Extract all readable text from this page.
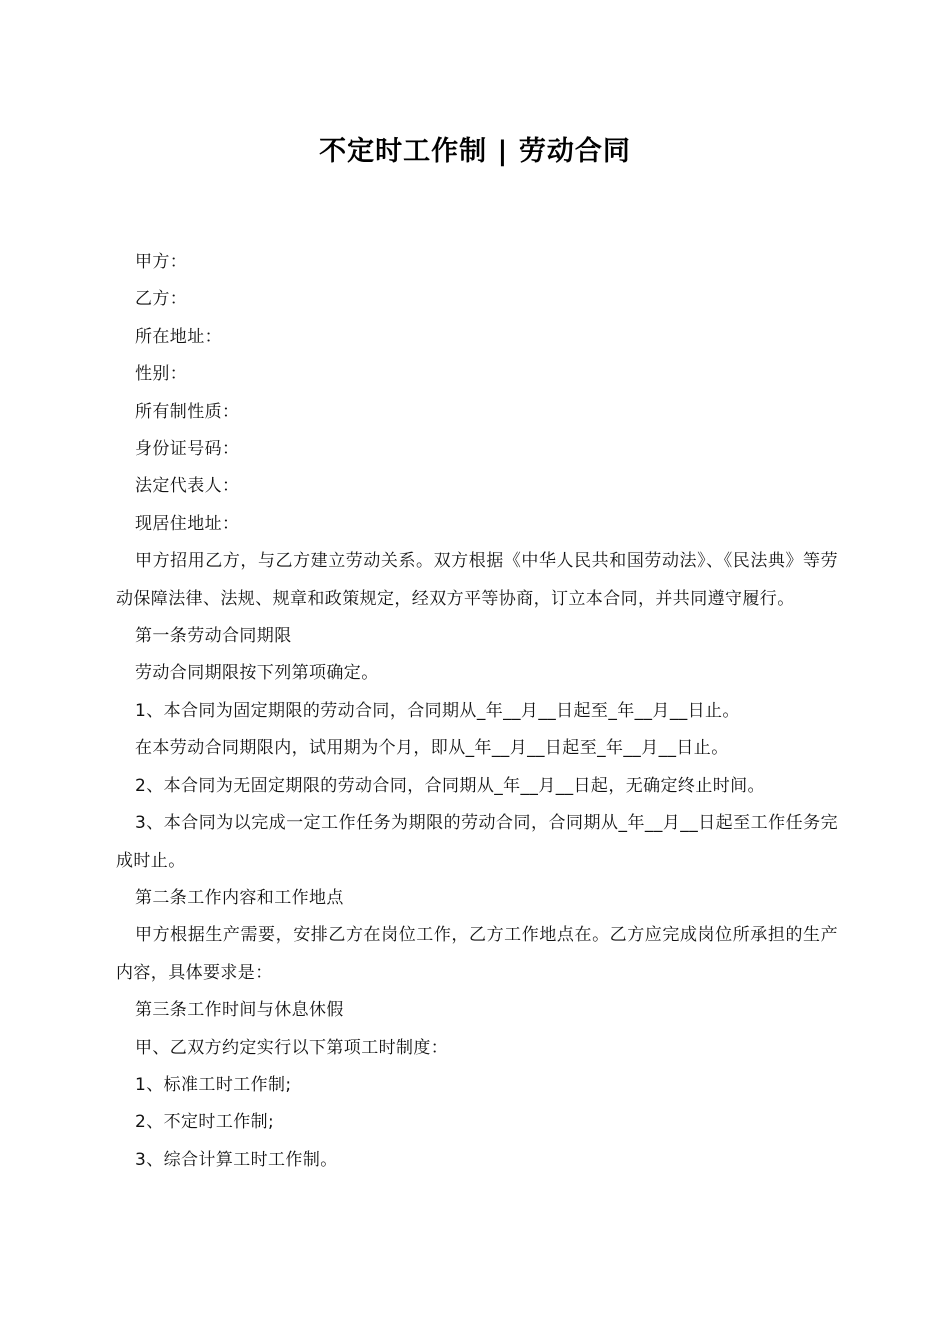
不定时工作制 | 劳动合同

甲方：

乙方：

所在地址：

性别：

所有制性质：

身份证号码：

法定代表人：

现居住地址：

甲方招用乙方，与乙方建立劳动关系。双方根据《中华人民共和国劳动法》、《民法典》等劳动保障法律、法规、规章和政策规定，经双方平等协商，订立本合同，并共同遵守履行。

第一条劳动合同期限

劳动合同期限按下列第项确定。

1、本合同为固定期限的劳动合同，合同期从_年__月__日起至_年__月__日止。

在本劳动合同期限内，试用期为个月，即从_年__月__日起至_年__月__日止。

2、本合同为无固定期限的劳动合同，合同期从_年__月__日起，无确定终止时间。

3、本合同为以完成一定工作任务为期限的劳动合同，合同期从_年__月__日起至工作任务完成时止。

第二条工作内容和工作地点

甲方根据生产需要，安排乙方在岗位工作，乙方工作地点在。乙方应完成岗位所承担的生产内容，具体要求是：

第三条工作时间与休息休假

甲、乙双方约定实行以下第项工时制度：

1、标准工时工作制;

2、不定时工作制;

3、综合计算工时工作制。
